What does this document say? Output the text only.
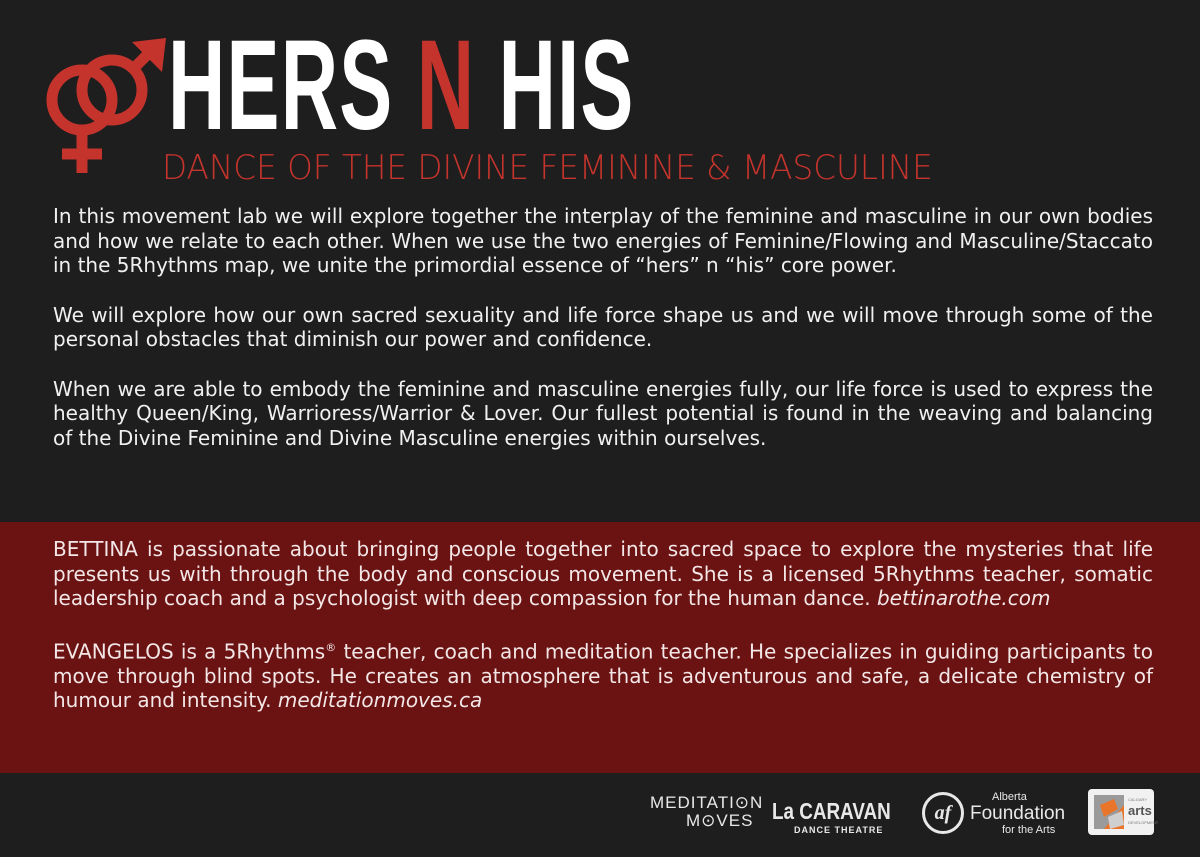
HERS N HIS
DANCE OF THE DIVINE FEMININE & MASCULINE

In this movement lab we will explore together the interplay of the feminine and masculine in our own bodies and how we relate to each other. When we use the two energies of Feminine/Flowing and Masculine/Staccato in the 5Rhythms map, we unite the primordial essence of “hers” n “his” core power.

We will explore how our own sacred sexuality and life force shape us and we will move through some of the personal obstacles that diminish our power and confidence.

When we are able to embody the feminine and masculine energies fully, our life force is used to express the healthy Queen/King, Warrioress/Warrior & Lover. Our fullest potential is found in the weaving and balancing of the Divine Feminine and Divine Masculine energies within ourselves.

BETTINA is passionate about bringing people together into sacred space to explore the mysteries that life presents us with through the body and conscious movement. She is a licensed 5Rhythms teacher, somatic leadership coach and a psychologist with deep compassion for the human dance. bettinarothe.com

EVANGELOS is a 5Rhythms® teacher, coach and meditation teacher. He specializes in guiding participants to move through blind spots. He creates an atmosphere that is adventurous and safe, a delicate chemistry of humour and intensity. meditationmoves.ca

MEDITATI⊙N
M⊙VES La CARAVAN
DANCE THEATRE
af
Alberta
Foundation
for the Arts
CALGARY
arts
DEVELOPMENT
